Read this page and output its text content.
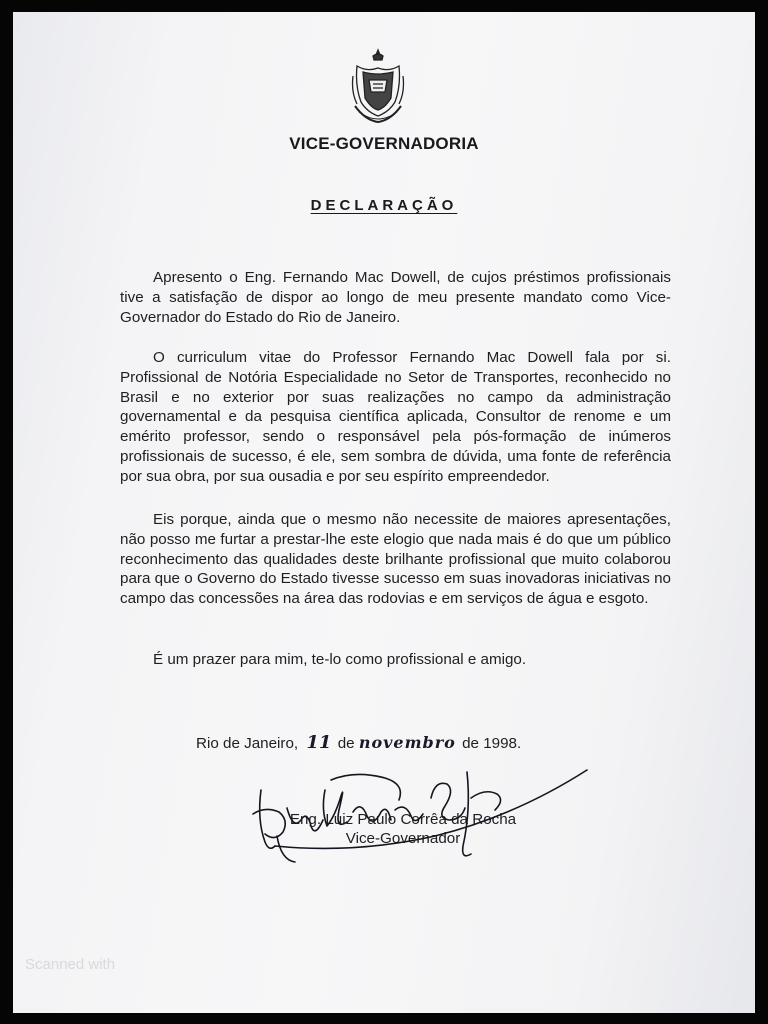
VICE-GOVERNADORIA
DECLARAÇÃO

Apresento o Eng. Fernando Mac Dowell, de cujos préstimos profissionais tive a satisfação de dispor ao longo de meu presente mandato como Vice-Governador do Estado do Rio de Janeiro.

O curriculum vitae do Professor Fernando Mac Dowell fala por si. Profissional de Notória Especialidade no Setor de Transportes, reconhecido no Brasil e no exterior por suas realizações no campo da administração governamental e da pesquisa científica aplicada, Consultor de renome e um emérito professor, sendo o responsável pela pós-formação de inúmeros profissionais de sucesso, é ele, sem sombra de dúvida, uma fonte de referência por sua obra, por sua ousadia e por seu espírito empreendedor.

Eis porque, ainda que o mesmo não necessite de maiores apresentações, não posso me furtar a prestar-lhe este elogio que nada mais é do que um público reconhecimento das qualidades deste brilhante profissional que muito colaborou para que o Governo do Estado tivesse sucesso em suas inovadoras iniciativas no campo das concessões na área das rodovias e em serviços de água e esgoto.

É um prazer para mim, te-lo como profissional e amigo.

Rio de Janeiro, 11 de novembro de 1998.
Eng. Luiz Paulo Corrêa da Rocha
Vice-Governador
Scanned with
